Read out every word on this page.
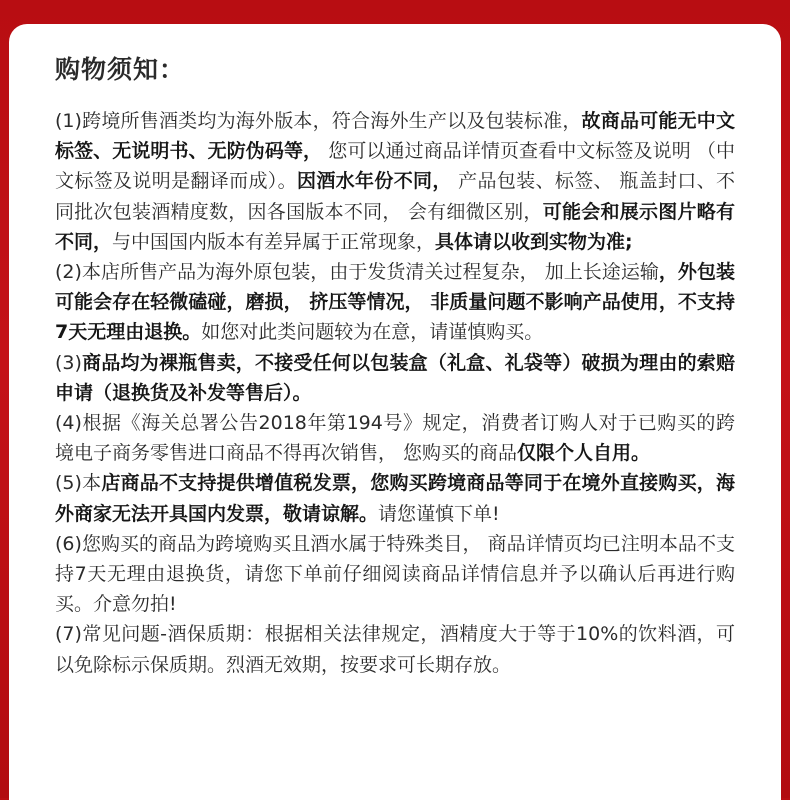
购物须知：

(1)跨境所售酒类均为海外版本，符合海外生产以及包装标准，故商品可能无中文标签、无说明书、无防伪码等， 您可以通过商品详情页查看中文标签及说明 （中文标签及说明是翻译而成）。因酒水年份不同， 产品包装、标签、 瓶盖封口、不同批次包装酒精度数，因各国版本不同， 会有细微区别，可能会和展示图片略有不同，与中国国内版本有差异属于正常现象，具体请以收到实物为准;

(2)本店所售产品为海外原包装，由于发货清关过程复杂， 加上长途运输，外包装可能会存在轻微磕碰，磨损， 挤压等情况， 非质量问题不影响产品使用，不支持7天无理由退换。如您对此类问题较为在意，请谨慎购买。

(3)商品均为裸瓶售卖，不接受任何以包装盒（礼盒、礼袋等）破损为理由的索赔申请（退换货及补发等售后）。

(4)根据《海关总署公告2018年第194号》规定，消费者订购人对于已购买的跨境电子商务零售进口商品不得再次销售， 您购买的商品仅限个人自用。

(5)本店商品不支持提供增值税发票，您购买跨境商品等同于在境外直接购买，海外商家无法开具国内发票，敬请谅解。请您谨慎下单!

(6)您购买的商品为跨境购买且酒水属于特殊类目， 商品详情页均已注明本品不支持7天无理由退换货，请您下单前仔细阅读商品详情信息并予以确认后再进行购买。介意勿拍!

(7)常见问题-酒保质期：根据相关法律规定，酒精度大于等于10%的饮料酒，可以免除标示保质期。烈酒无效期，按要求可长期存放。
